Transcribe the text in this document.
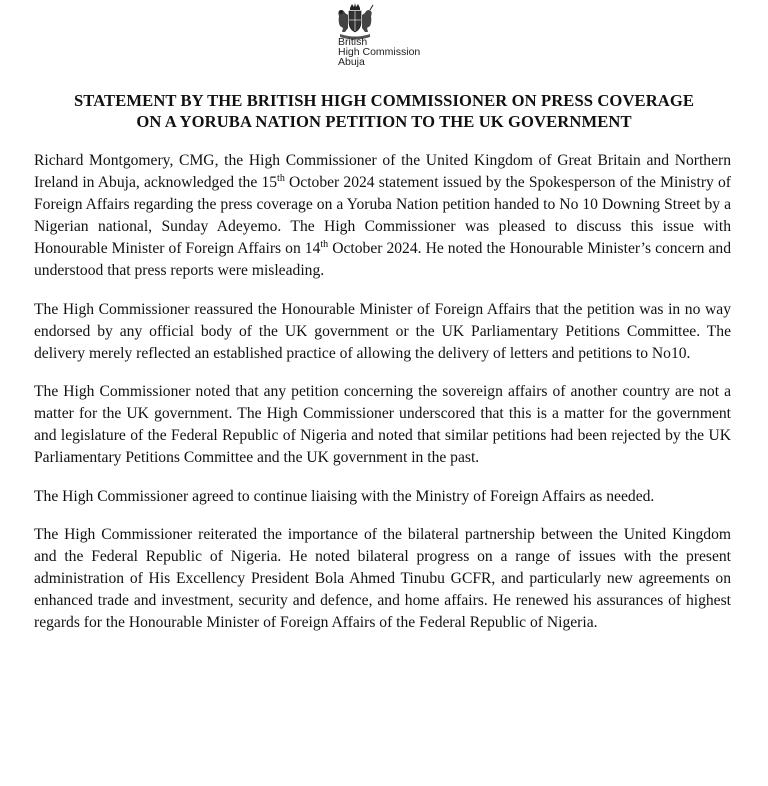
British
High Commission
Abuja
STATEMENT BY THE BRITISH HIGH COMMISSIONER ON PRESS COVERAGE
ON A YORUBA NATION PETITION TO THE UK GOVERNMENT

Richard Montgomery, CMG, the High Commissioner of the United Kingdom of Great Britain and Northern Ireland in Abuja, acknowledged the 15th October 2024 statement issued by the Spokesperson of the Ministry of Foreign Affairs regarding the press coverage on a Yoruba Nation petition handed to No 10 Downing Street by a Nigerian national, Sunday Adeyemo. The High Commissioner was pleased to discuss this issue with Honourable Minister of Foreign Affairs on 14th October 2024. He noted the Honourable Minister’s concern and understood that press reports were misleading.

The High Commissioner reassured the Honourable Minister of Foreign Affairs that the petition was in no way endorsed by any official body of the UK government or the UK Parliamentary Petitions Committee. The delivery merely reflected an established practice of allowing the delivery of letters and petitions to No10.

The High Commissioner noted that any petition concerning the sovereign affairs of another country are not a matter for the UK government. The High Commissioner underscored that this is a matter for the government and legislature of the Federal Republic of Nigeria and noted that similar petitions had been rejected by the UK Parliamentary Petitions Committee and the UK government in the past.

The High Commissioner agreed to continue liaising with the Ministry of Foreign Affairs as needed.

The High Commissioner reiterated the importance of the bilateral partnership between the United Kingdom and the Federal Republic of Nigeria. He noted bilateral progress on a range of issues with the present administration of His Excellency President Bola Ahmed Tinubu GCFR, and particularly new agreements on enhanced trade and investment, security and defence, and home affairs. He renewed his assurances of highest regards for the Honourable Minister of Foreign Affairs of the Federal Republic of Nigeria.
